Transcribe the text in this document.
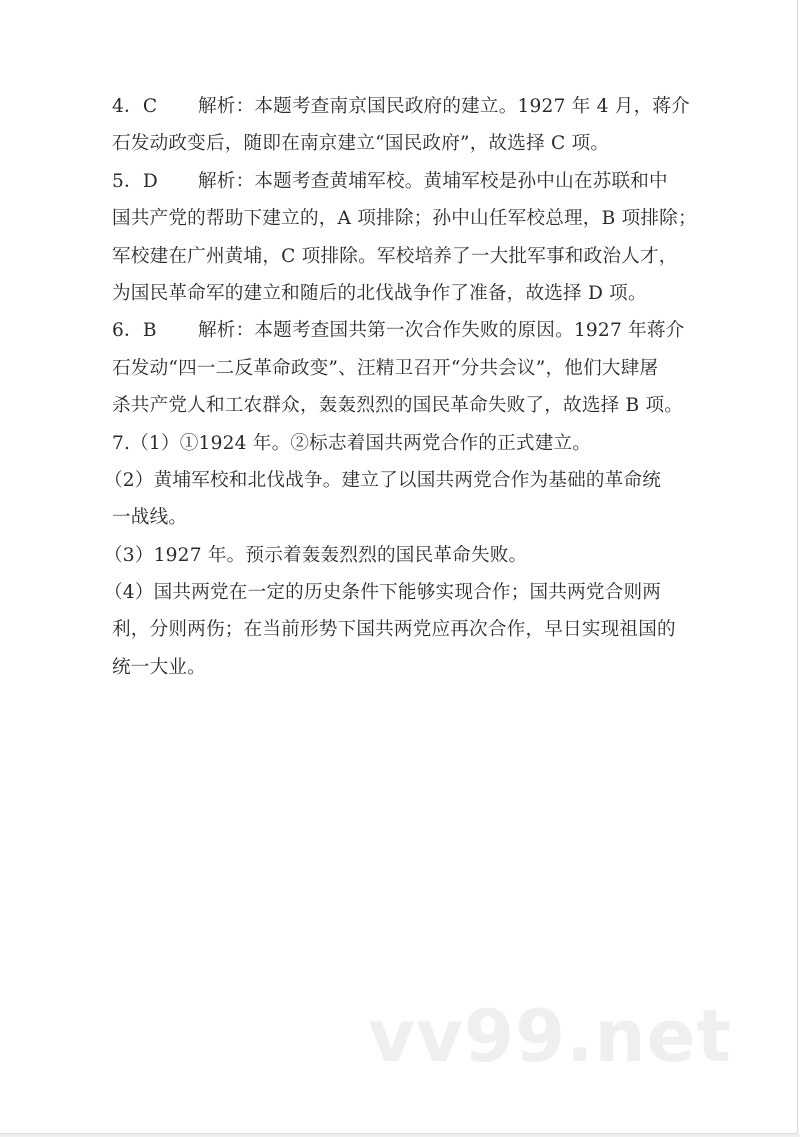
4．C 解析：本题考查南京国民政府的建立。1927 年 4 月，蒋介
石发动政变后，随即在南京建立“国民政府”，故选择 C 项。
5．D 解析：本题考查黄埔军校。黄埔军校是孙中山在苏联和中
国共产党的帮助下建立的，A 项排除；孙中山任军校总理，B 项排除；
军校建在广州黄埔，C 项排除。军校培养了一大批军事和政治人才，
为国民革命军的建立和随后的北伐战争作了准备，故选择 D 项。
6．B 解析：本题考查国共第一次合作失败的原因。1927 年蒋介
石发动“四一二反革命政变”、汪精卫召开“分共会议”，他们大肆屠
杀共产党人和工农群众，轰轰烈烈的国民革命失败了，故选择 B 项。
7.（1）①1924 年。②标志着国共两党合作的正式建立。
（2）黄埔军校和北伐战争。建立了以国共两党合作为基础的革命统
一战线。
（3）1927 年。预示着轰轰烈烈的国民革命失败。
（4）国共两党在一定的历史条件下能够实现合作；国共两党合则两
利，分则两伤；在当前形势下国共两党应再次合作，早日实现祖国的
统一大业。
vv99.net
